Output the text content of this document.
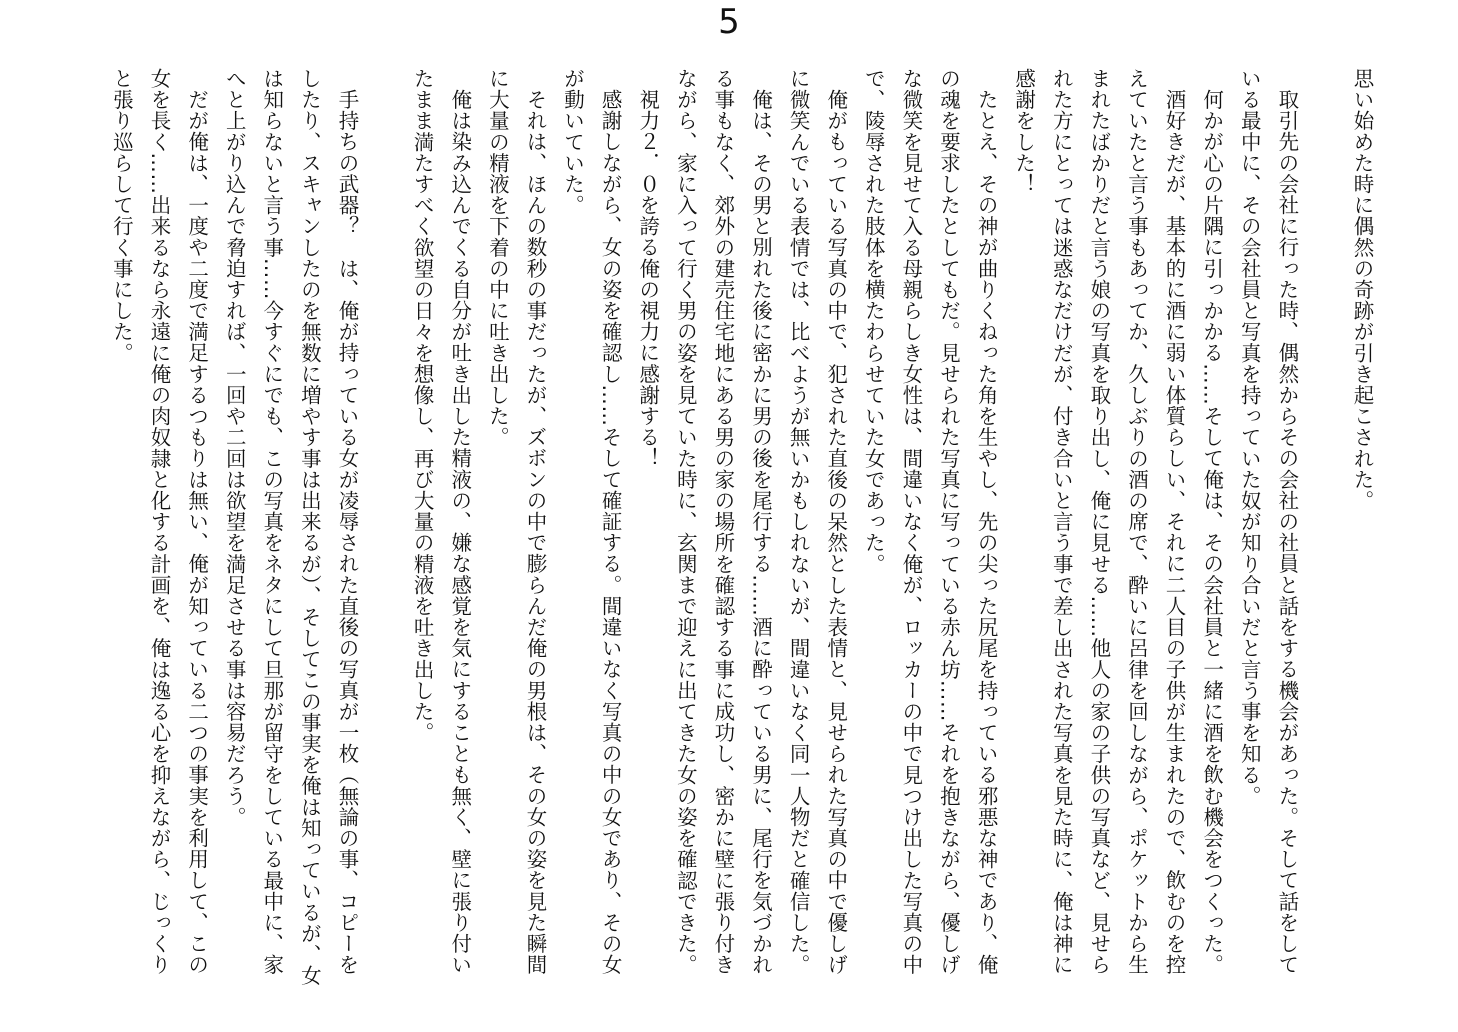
5

思い始めた時に偶然の奇跡が引き起こされた。

取引先の会社に行った時、偶然からその会社の社員と話をする機会があった。そして話をしている最中に、その会社員と写真を持っていた奴が知り合いだと言う事を知る。

何かが心の片隅に引っかかる……そして俺は、その会社員と一緒に酒を飲む機会をつくった。

酒好きだが、基本的に酒に弱い体質らしい、それに二人目の子供が生まれたので、飲むのを控えていたと言う事もあってか、久しぶりの酒の席で、酔いに呂律を回しながら、ポケットから生まれたばかりだと言う娘の写真を取り出し、俺に見せる……他人の家の子供の写真など、見せられた方にとっては迷惑なだけだが、付き合いと言う事で差し出された写真を見た時に、俺は神に感謝をした！

たとえ、その神が曲りくねった角を生やし、先の尖った尻尾を持っている邪悪な神であり、俺の魂を要求したとしてもだ。見せられた写真に写っている赤ん坊……それを抱きながら、優しげな微笑を見せて入る母親らしき女性は、間違いなく俺が、ロッカーの中で見つけ出した写真の中で、陵辱された肢体を横たわらせていた女であった。

俺がもっている写真の中で、犯された直後の呆然とした表情と、見せられた写真の中で優しげに微笑んでいる表情では、比べようが無いかもしれないが、間違いなく同一人物だと確信した。

俺は、その男と別れた後に密かに男の後を尾行する……酒に酔っている男に、尾行を気づかれる事もなく、郊外の建売住宅地にある男の家の場所を確認する事に成功し、密かに壁に張り付きながら、家に入って行く男の姿を見ていた時に、玄関まで迎えに出てきた女の姿を確認できた。

視力２．０を誇る俺の視力に感謝する！

感謝しながら、女の姿を確認し……そして確証する。間違いなく写真の中の女であり、その女が動いていた。

それは、ほんの数秒の事だったが、ズボンの中で膨らんだ俺の男根は、その女の姿を見た瞬間に大量の精液を下着の中に吐き出した。

俺は染み込んでくる自分が吐き出した精液の、嫌な感覚を気にすることも無く、壁に張り付いたまま満たすべく欲望の日々を想像し、再び大量の精液を吐き出した。

手持ちの武器？　は、俺が持っている女が凌辱された直後の写真が一枚（無論の事、コピーをしたり、スキャンしたのを無数に増やす事は出来るが）、そしてこの事実を俺は知っているが、女は知らないと言う事……今すぐにでも、この写真をネタにして旦那が留守をしている最中に、家へと上がり込んで脅迫すれば、一回や二回は欲望を満足させる事は容易だろう。

だが俺は、一度や二度で満足するつもりは無い、俺が知っている二つの事実を利用して、この女を長く……出来るなら永遠に俺の肉奴隷と化する計画を、俺は逸る心を抑えながら、じっくりと張り巡らして行く事にした。
